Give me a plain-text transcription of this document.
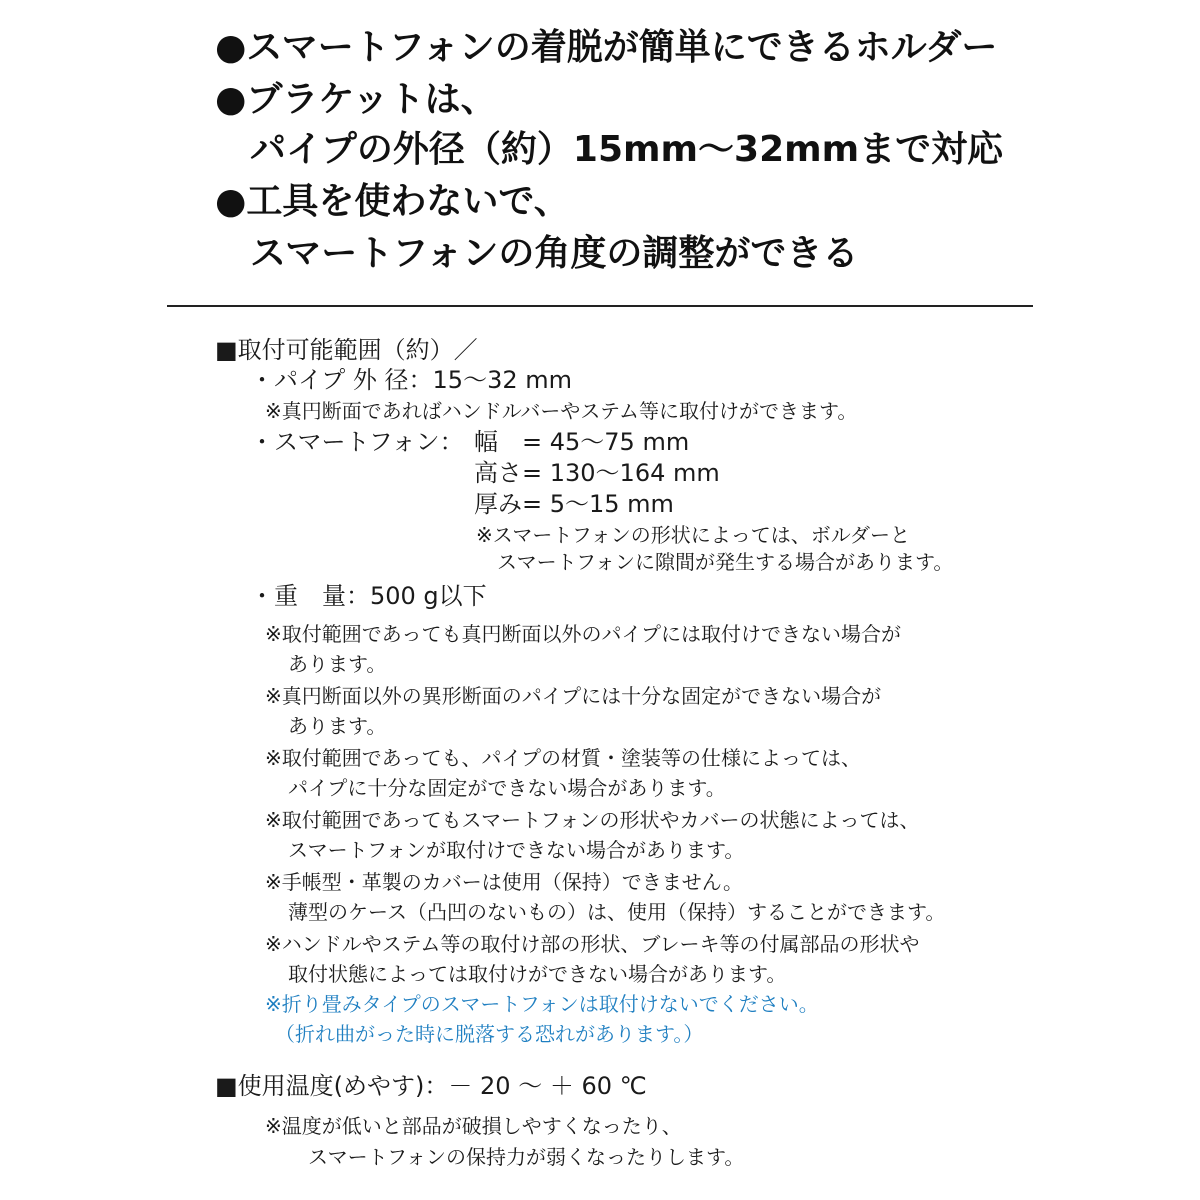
●スマートフォンの着脱が簡単にできるホルダー
●ブラケットは、
パイプの外径（約）15mm〜32mmまで対応
●工具を使わないで、
スマートフォンの角度の調整ができる
■取付可能範囲（約）／
・パイプ 外 径：15〜32 mm
※真円断面であればハンドルバーやステム等に取付けができます。
・スマートフォン： 幅　= 45〜75 mm
高さ= 130〜164 mm
厚み= 5〜15 mm
※スマートフォンの形状によっては、ボルダーと
スマートフォンに隙間が発生する場合があります。
・重　量：500 g以下
※取付範囲であっても真円断面以外のパイプには取付けできない場合が
あります。
※真円断面以外の異形断面のパイプには十分な固定ができない場合が
あります。
※取付範囲であっても、パイプの材質・塗装等の仕様によっては、
パイプに十分な固定ができない場合があります。
※取付範囲であってもスマートフォンの形状やカバーの状態によっては、
スマートフォンが取付けできない場合があります。
※手帳型・革製のカバーは使用（保持）できません。
薄型のケース（凸凹のないもの）は、使用（保持）することができます。
※ハンドルやステム等の取付け部の形状、ブレーキ等の付属部品の形状や
取付状態によっては取付けができない場合があります。
※折り畳みタイプのスマートフォンは取付けないでください。
（折れ曲がった時に脱落する恐れがあります。）
■使用温度(めやす)：－ 20 〜 ＋ 60 ℃
※温度が低いと部品が破損しやすくなったり、
スマートフォンの保持力が弱くなったりします。
